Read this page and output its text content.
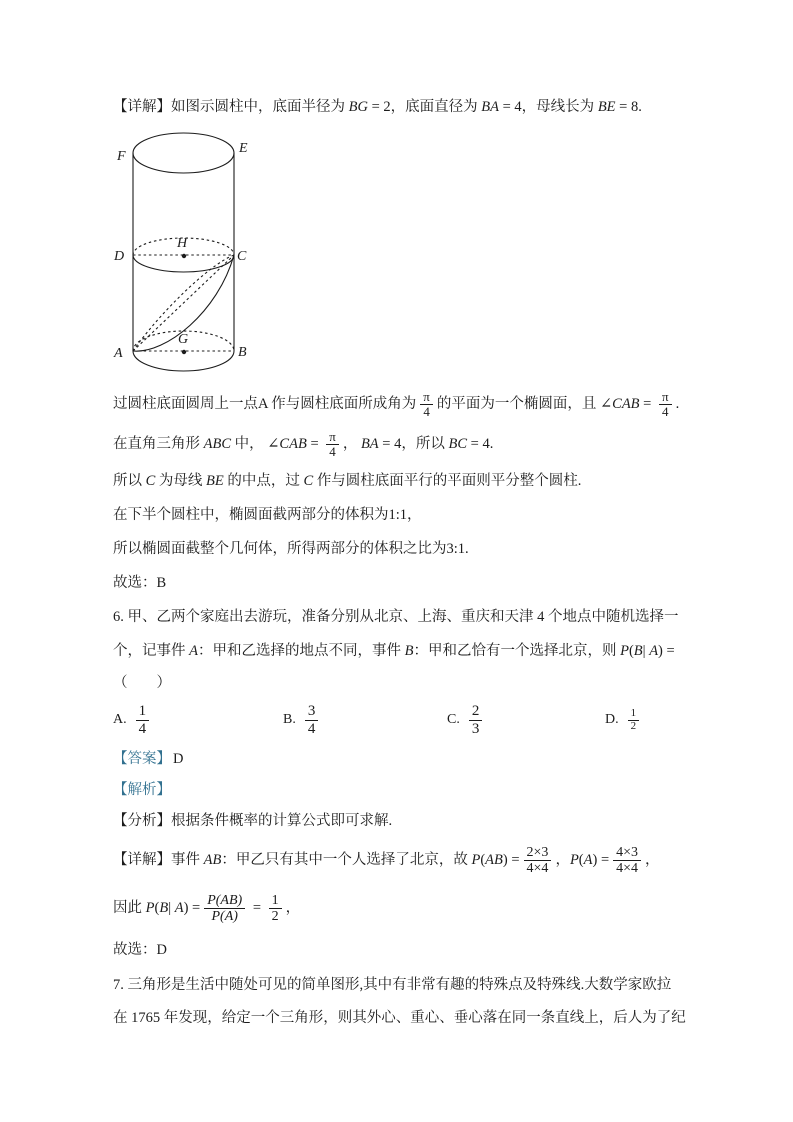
【详解】如图示圆柱中，底面半径为 BG = 2，底面直径为 BA = 4，母线长为 BE = 8.

F
E
D
H
C
A
G
B

过圆柱底面圆周上一点A 作与圆柱底面所成角为 $\frac{\pi}{4}$ 的平面为一个椭圆面，且 ∠CAB = $\frac{\pi}{4}$ .

在直角三角形 ABC 中， ∠CAB = $\frac{\pi}{4}$ ， BA = 4，所以 BC = 4.

所以 C 为母线 BE 的中点，过 C 作与圆柱底面平行的平面则平分整个圆柱.

在下半个圆柱中，椭圆面截两部分的体积为1:1，

所以椭圆面截整个几何体，所得两部分的体积之比为3:1.

故选：B

6. 甲、乙两个家庭出去游玩，准备分别从北京、上海、重庆和天津 4 个地点中随机选择一

个，记事件 A：甲和乙选择的地点不同，事件 B：甲和乙恰有一个选择北京，则 P(B| A) =

（　　）

A. $\frac{1}{4}$	B. $\frac{3}{4}$	C. $\frac{2}{3}$	D. $\frac{1}{2}$

【答案】 D

【解析】

【分析】根据条件概率的计算公式即可求解.

【详解】事件 AB：甲乙只有其中一个人选择了北京，故 $P(AB) = \frac{2\times 3}{4\times 4}$ ，$P(A) = \frac{4\times 3}{4\times 4}$ ，

因此 P(B| $A) = \frac{P(AB)}{P(A)} = \frac{1}{2}$ ，

故选：D

7. 三角形是生活中随处可见的简单图形,其中有非常有趣的特殊点及特殊线.大数学家欧拉

在 1765 年发现，给定一个三角形，则其外心、重心、垂心落在同一条直线上，后人为了纪
